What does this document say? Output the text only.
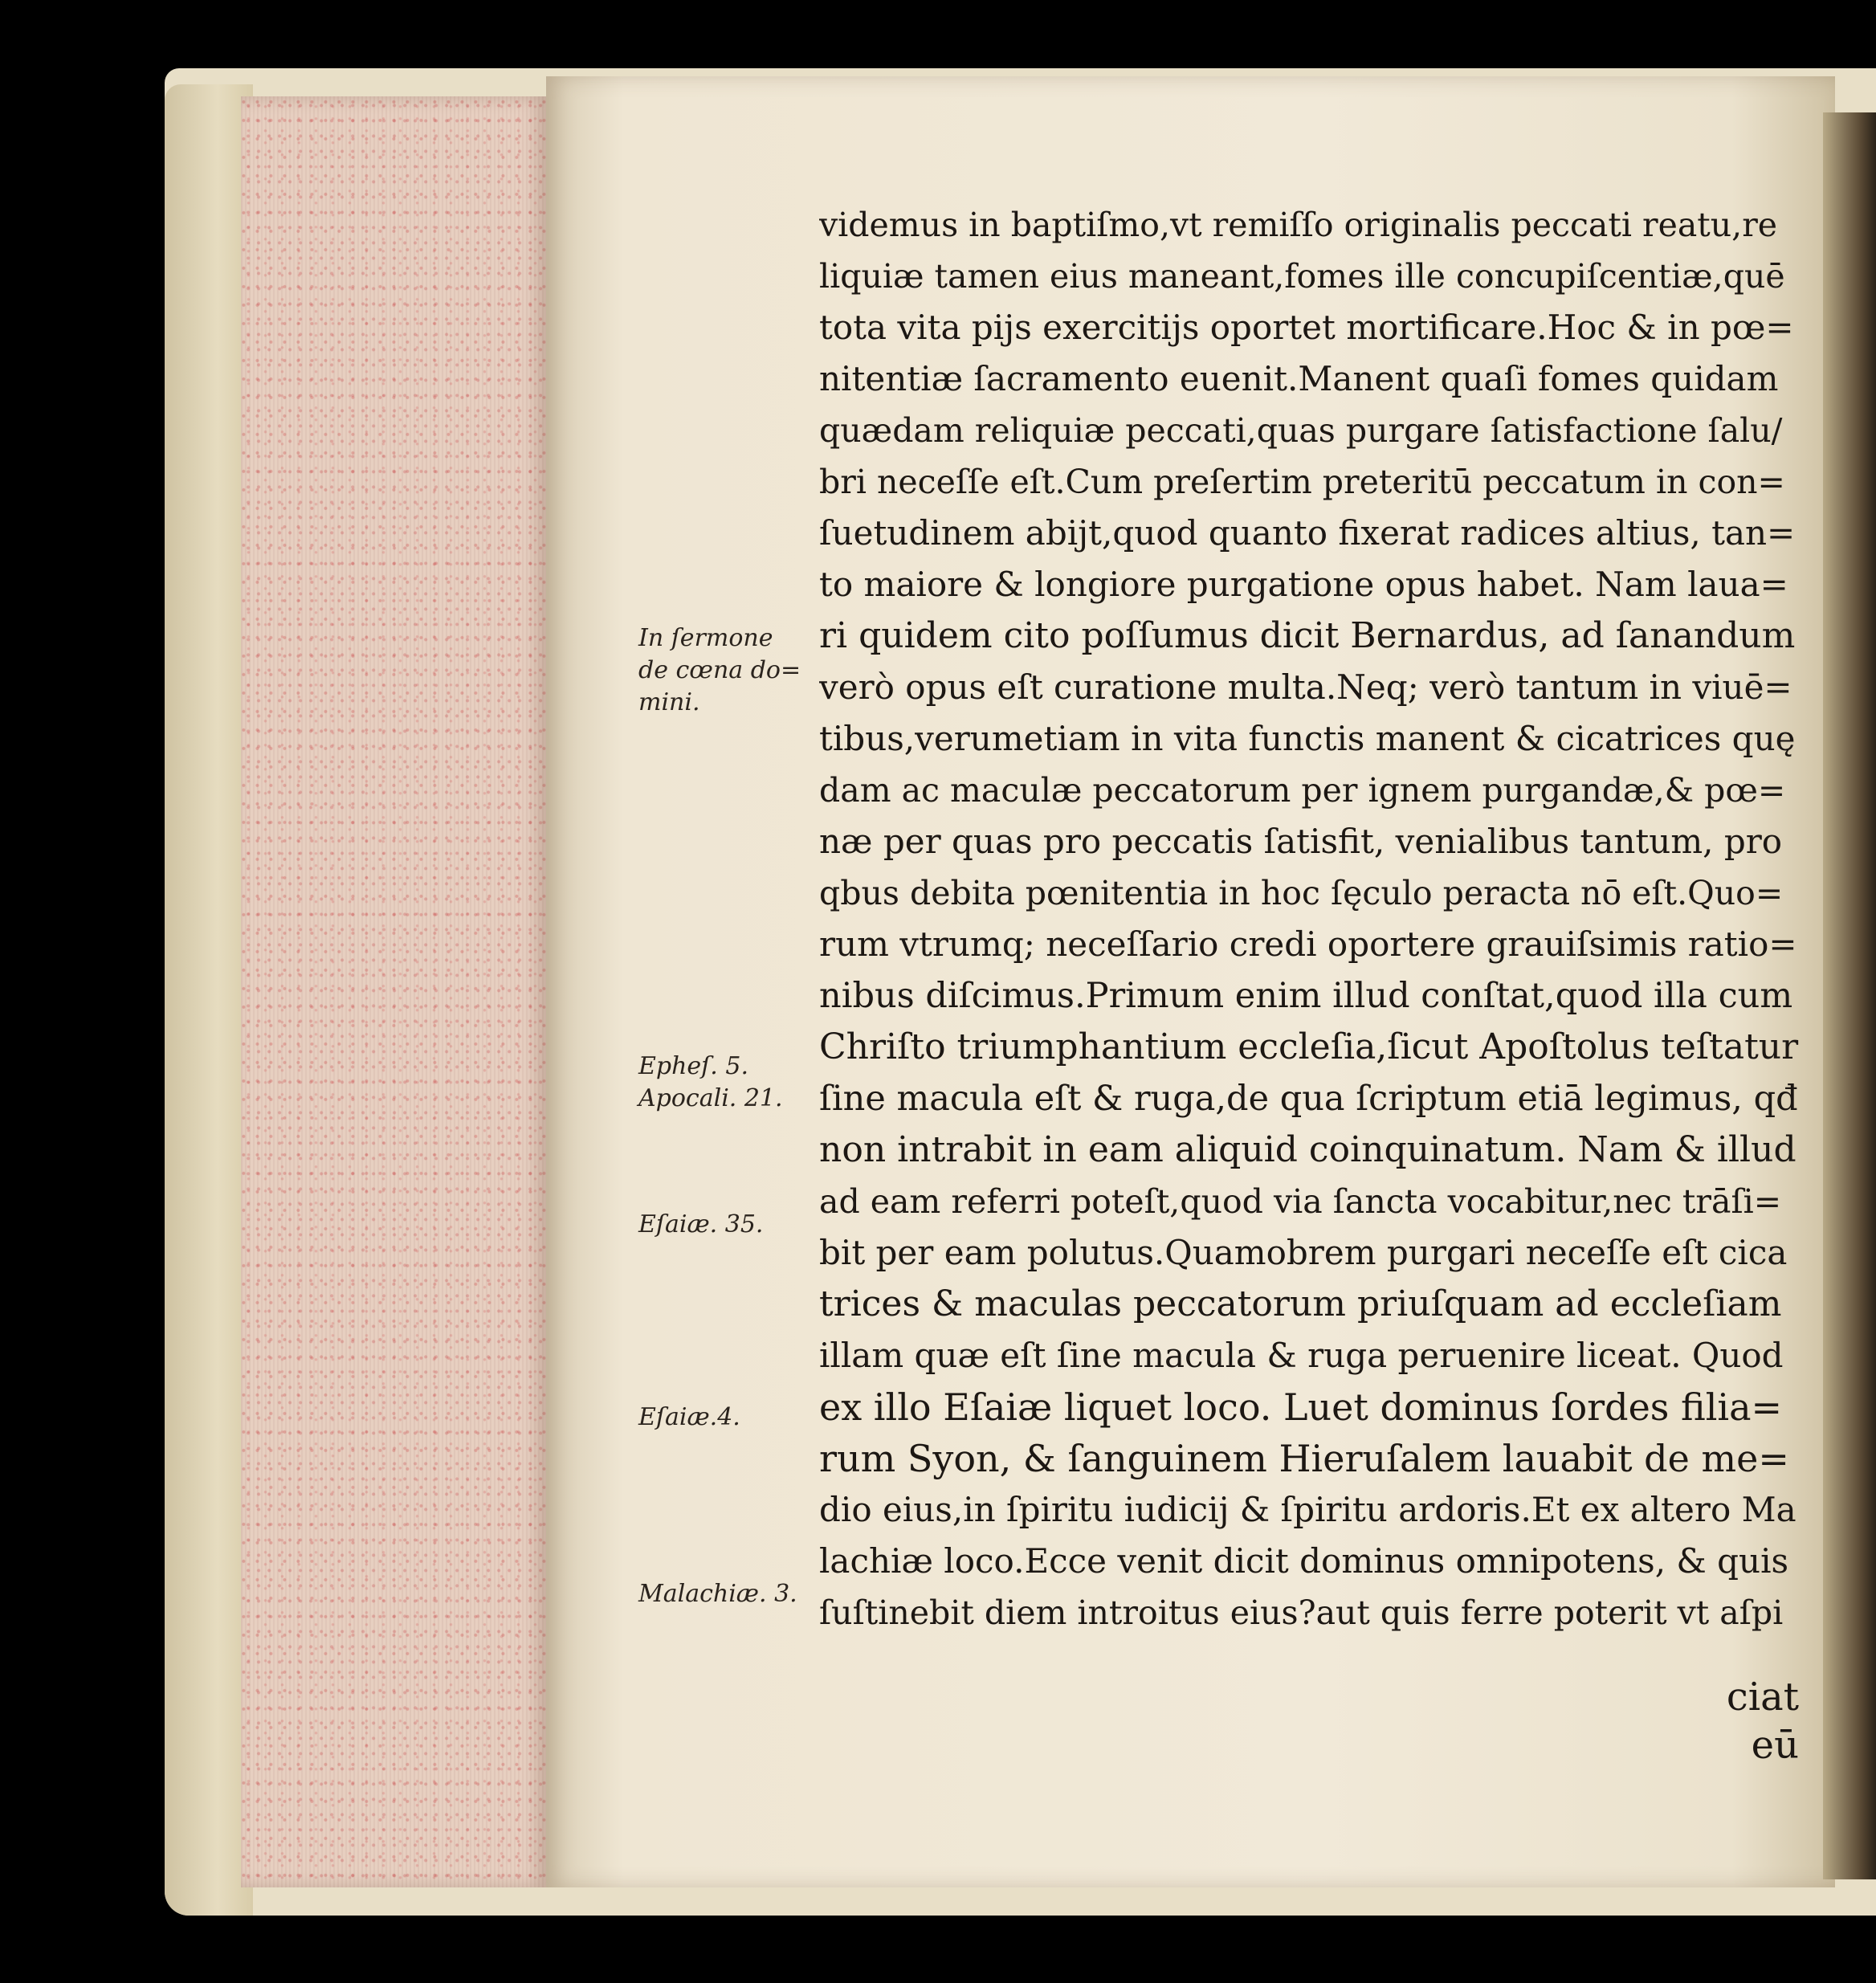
videmus in baptiſmo,vt remiſſo originalis peccati reatu,re
liquiæ tamen eius maneant,fomes ille concupiſcentiæ,quē
tota vita pijs exercitijs oportet mortificare.Hoc & in pœ=
nitentiæ ſacramento euenit.Manent quaſi fomes quidam
quædam reliquiæ peccati,quas purgare ſatisfactione ſalu/
bri neceſſe eſt.Cum preſertim preteritū peccatum in con=
ſuetudinem abijt,quod quanto fixerat radices altius, tan=
to maiore & longiore purgatione opus habet. Nam laua=
ri quidem cito poſſumus dicit Bernardus, ad ſanandum
verò opus eſt curatione multa.Neq; verò tantum in viuē=
tibus,verumetiam in vita functis manent & cicatrices quę
dam ac maculæ peccatorum per ignem purgandæ,& pœ=
næ per quas pro peccatis ſatisfit, venialibus tantum, pro
qbus debita pœnitentia in hoc ſęculo peracta nō eſt.Quo=
rum vtrumq; neceſſario credi oportere grauiſsimis ratio=
nibus diſcimus.Primum enim illud conſtat,quod illa cum
Chriſto triumphantium eccleſia,ſicut Apoſtolus teſtatur
ſine macula eſt & ruga,de qua ſcriptum etiā legimus, qđ
non intrabit in eam aliquid coinquinatum. Nam & illud
ad eam referri poteſt,quod via ſancta vocabitur,nec trāſi=
bit per eam polutus.Quamobrem purgari neceſſe eſt cica
trices & maculas peccatorum priuſquam ad eccleſiam
illam quæ eſt ſine macula & ruga peruenire liceat. Quod
ex illo Eſaiæ liquet loco. Luet dominus ſordes filia=
rum Syon, & ſanguinem Hieruſalem lauabit de me=
dio eius,in ſpiritu iudicij & ſpiritu ardoris.Et ex altero Ma
lachiæ loco.Ecce venit dicit dominus omnipotens, & quis
ſuſtinebit diem introitus eius?aut quis ferre poterit vt aſpi
ciat eū
In ſermone
de cœna do=
mini.
Epheſ. 5.
Apocali. 21.
Eſaiæ. 35.
Eſaiæ.4.
Malachiæ. 3.
